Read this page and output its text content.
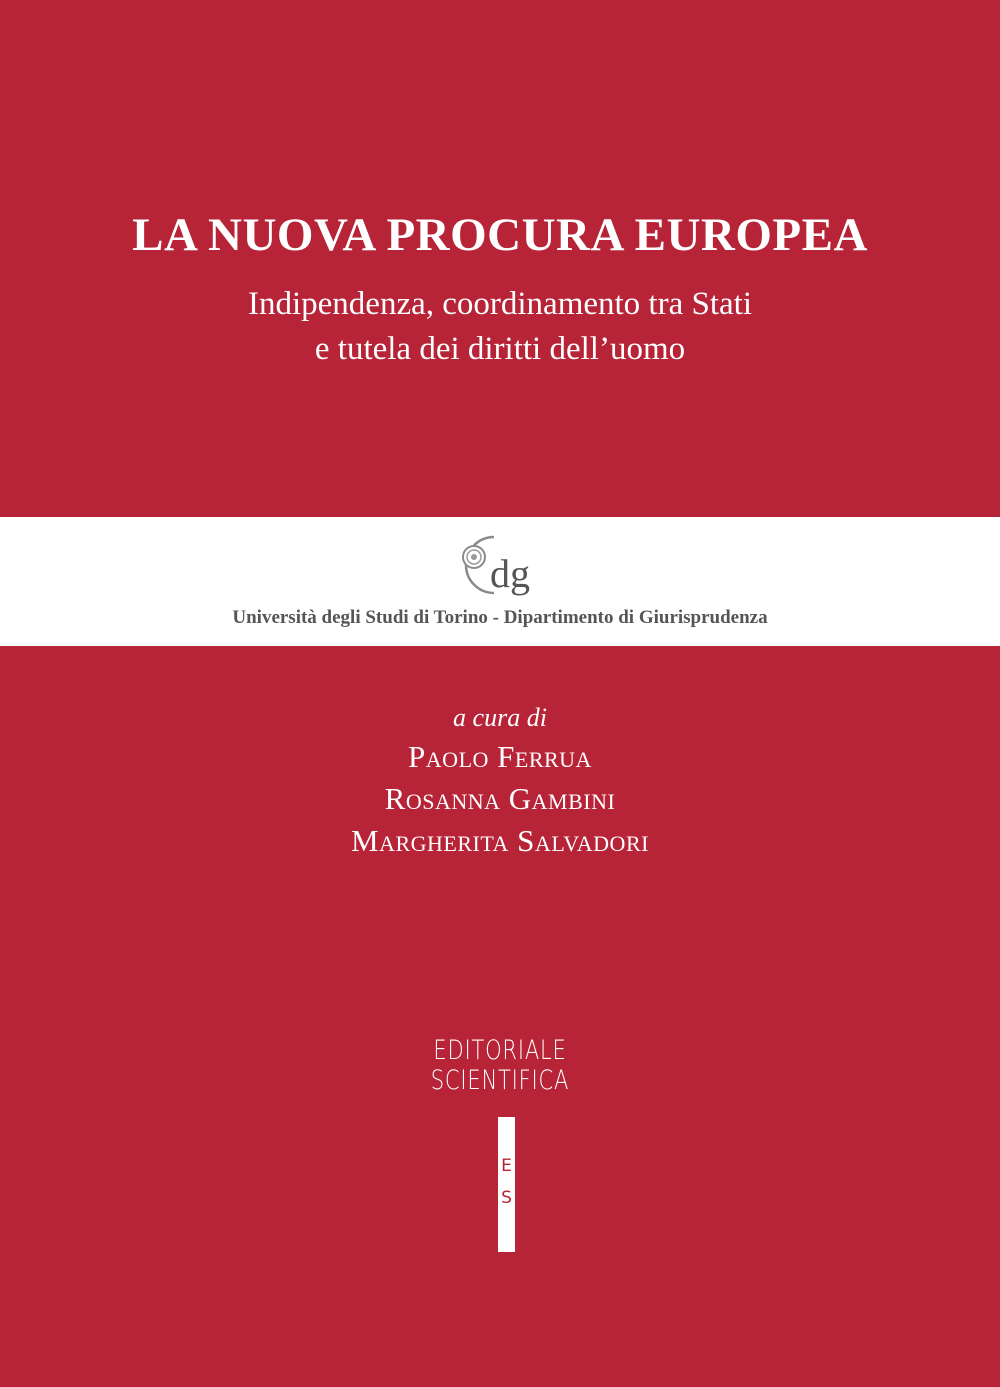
LA NUOVA PROCURA EUROPEA
Indipendenza, coordinamento tra Stati
e tutela dei diritti dell’uomo
dg
Università degli Studi di Torino - Dipartimento di Giurisprudenza
a cura di
Paolo Ferrua
Rosanna Gambini
Margherita Salvadori
EDITORIALE
SCIENTIFICA
E
S
